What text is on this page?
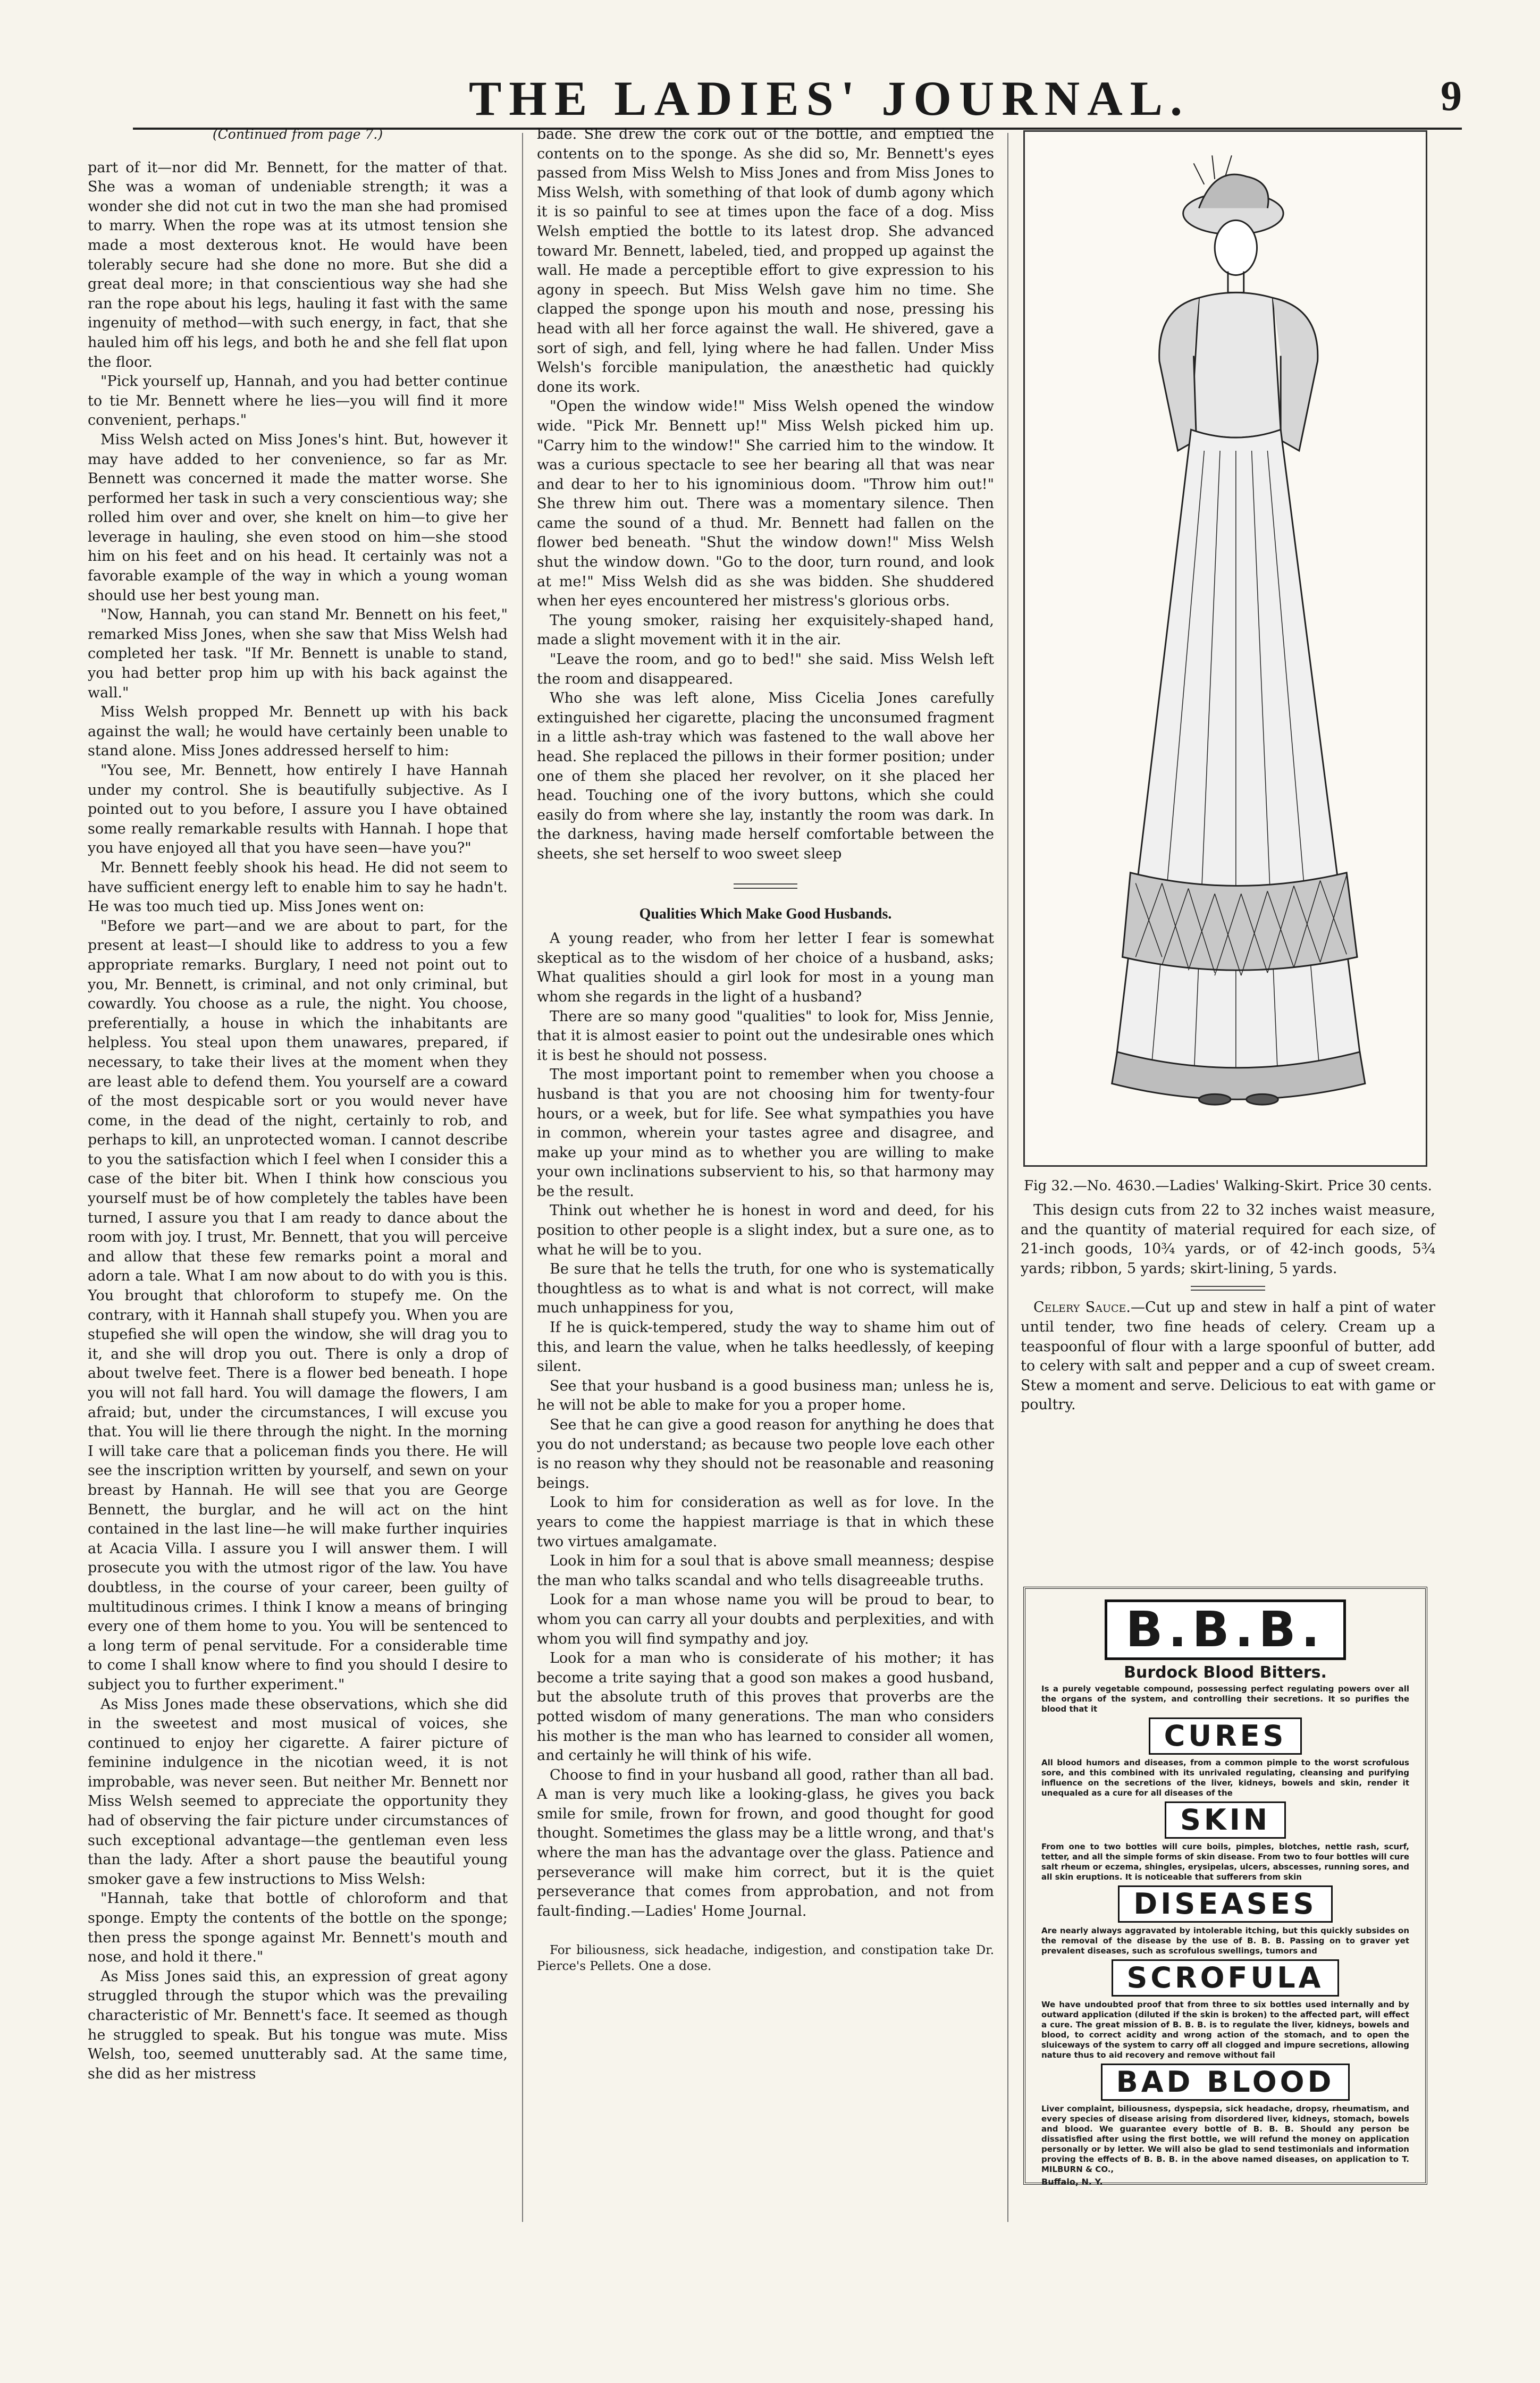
THE LADIES' JOURNAL.	9

(Continued from page 7.)

part of it—nor did Mr. Bennett, for the matter of that. She was a woman of undeniable strength; it was a wonder she did not cut in two the man she had promised to marry. When the rope was at its utmost tension she made a most dexterous knot. He would have been tolerably secure had she done no more. But she did a great deal more; in that conscientious way she had she ran the rope about his legs, hauling it fast with the same ingenuity of method—with such energy, in fact, that she hauled him off his legs, and both he and she fell flat upon the floor.

"Pick yourself up, Hannah, and you had better continue to tie Mr. Bennett where he lies—you will find it more convenient, perhaps."

Miss Welsh acted on Miss Jones's hint. But, however it may have added to her convenience, so far as Mr. Bennett was concerned it made the matter worse. She performed her task in such a very conscientious way; she rolled him over and over, she knelt on him—to give her leverage in hauling, she even stood on him—she stood him on his feet and on his head. It certainly was not a favorable example of the way in which a young woman should use her best young man.

"Now, Hannah, you can stand Mr. Bennett on his feet," remarked Miss Jones, when she saw that Miss Welsh had completed her task. "If Mr. Bennett is unable to stand, you had better prop him up with his back against the wall."

Miss Welsh propped Mr. Bennett up with his back against the wall; he would have certainly been unable to stand alone. Miss Jones addressed herself to him:

"You see, Mr. Bennett, how entirely I have Hannah under my control. She is beautifully subjective. As I pointed out to you before, I assure you I have obtained some really remarkable results with Hannah. I hope that you have enjoyed all that you have seen—have you?"

Mr. Bennett feebly shook his head. He did not seem to have sufficient energy left to enable him to say he hadn't. He was too much tied up. Miss Jones went on:

"Before we part—and we are about to part, for the present at least—I should like to address to you a few appropriate remarks. Burglary, I need not point out to you, Mr. Bennett, is criminal, and not only criminal, but cowardly. You choose as a rule, the night. You choose, preferentially, a house in which the inhabitants are helpless. You steal upon them unawares, prepared, if necessary, to take their lives at the moment when they are least able to defend them. You yourself are a coward of the most despicable sort or you would never have come, in the dead of the night, certainly to rob, and perhaps to kill, an unprotected woman. I cannot describe to you the satisfaction which I feel when I consider this a case of the biter bit. When I think how conscious you yourself must be of how completely the tables have been turned, I assure you that I am ready to dance about the room with joy. I trust, Mr. Bennett, that you will perceive and allow that these few remarks point a moral and adorn a tale. What I am now about to do with you is this. You brought that chloroform to stupefy me. On the contrary, with it Hannah shall stupefy you. When you are stupefied she will open the window, she will drag you to it, and she will drop you out. There is only a drop of about twelve feet. There is a flower bed beneath. I hope you will not fall hard. You will damage the flowers, I am afraid; but, under the circumstances, I will excuse you that. You will lie there through the night. In the morning I will take care that a policeman finds you there. He will see the inscription written by yourself, and sewn on your breast by Hannah. He will see that you are George Bennett, the burglar, and he will act on the hint contained in the last line—he will make further inquiries at Acacia Villa. I assure you I will answer them. I will prosecute you with the utmost rigor of the law. You have doubtless, in the course of your career, been guilty of multitudinous crimes. I think I know a means of bringing every one of them home to you. You will be sentenced to a long term of penal servitude. For a considerable time to come I shall know where to find you should I desire to subject you to further experiment."

As Miss Jones made these observations, which she did in the sweetest and most musical of voices, she continued to enjoy her cigarette. A fairer picture of feminine indulgence in the nicotian weed, it is not improbable, was never seen. But neither Mr. Bennett nor Miss Welsh seemed to appreciate the opportunity they had of observing the fair picture under circumstances of such exceptional advantage—the gentleman even less than the lady. After a short pause the beautiful young smoker gave a few instructions to Miss Welsh:

"Hannah, take that bottle of chloroform and that sponge. Empty the contents of the bottle on the sponge; then press the sponge against Mr. Bennett's mouth and nose, and hold it there."

As Miss Jones said this, an expression of great agony struggled through the stupor which was the prevailing characteristic of Mr. Bennett's face. It seemed as though he struggled to speak. But his tongue was mute. Miss Welsh, too, seemed unutterably sad. At the same time, she did as her mistress

bade. She drew the cork out of the bottle, and emptied the contents on to the sponge. As she did so, Mr. Bennett's eyes passed from Miss Welsh to Miss Jones and from Miss Jones to Miss Welsh, with something of that look of dumb agony which it is so painful to see at times upon the face of a dog. Miss Welsh emptied the bottle to its latest drop. She advanced toward Mr. Bennett, labeled, tied, and propped up against the wall. He made a perceptible effort to give expression to his agony in speech. But Miss Welsh gave him no time. She clapped the sponge upon his mouth and nose, pressing his head with all her force against the wall. He shivered, gave a sort of sigh, and fell, lying where he had fallen. Under Miss Welsh's forcible manipulation, the anæsthetic had quickly done its work.

"Open the window wide!" Miss Welsh opened the window wide. "Pick Mr. Bennett up!" Miss Welsh picked him up. "Carry him to the window!" She carried him to the window. It was a curious spectacle to see her bearing all that was near and dear to her to his ignominious doom. "Throw him out!" She threw him out. There was a momentary silence. Then came the sound of a thud. Mr. Bennett had fallen on the flower bed beneath. "Shut the window down!" Miss Welsh shut the window down. "Go to the door, turn round, and look at me!" Miss Welsh did as she was bidden. She shuddered when her eyes encountered her mistress's glorious orbs.

The young smoker, raising her exquisitely-shaped hand, made a slight movement with it in the air.

"Leave the room, and go to bed!" she said. Miss Welsh left the room and disappeared.

Who she was left alone, Miss Cicelia Jones carefully extinguished her cigarette, placing the unconsumed fragment in a little ash-tray which was fastened to the wall above her head. She replaced the pillows in their former position; under one of them she placed her revolver, on it she placed her head. Touching one of the ivory buttons, which she could easily do from where she lay, instantly the room was dark. In the darkness, having made herself comfortable between the sheets, she set herself to woo sweet sleep

Qualities Which Make Good Husbands.

A young reader, who from her letter I fear is somewhat skeptical as to the wisdom of her choice of a husband, asks; What qualities should a girl look for most in a young man whom she regards in the light of a husband?

There are so many good "qualities" to look for, Miss Jennie, that it is almost easier to point out the undesirable ones which it is best he should not possess.

The most important point to remember when you choose a husband is that you are not choosing him for twenty-four hours, or a week, but for life. See what sympathies you have in common, wherein your tastes agree and disagree, and make up your mind as to whether you are willing to make your own inclinations subservient to his, so that harmony may be the result.

Think out whether he is honest in word and deed, for his position to other people is a slight index, but a sure one, as to what he will be to you.

Be sure that he tells the truth, for one who is systematically thoughtless as to what is and what is not correct, will make much unhappiness for you,

If he is quick-tempered, study the way to shame him out of this, and learn the value, when he talks heedlessly, of keeping silent.

See that your husband is a good business man; unless he is, he will not be able to make for you a proper home.

See that he can give a good reason for anything he does that you do not understand; as because two people love each other is no reason why they should not be reasonable and reasoning beings.

Look to him for consideration as well as for love. In the years to come the happiest marriage is that in which these two virtues amalgamate.

Look in him for a soul that is above small meanness; despise the man who talks scandal and who tells disagreeable truths.

Look for a man whose name you will be proud to bear, to whom you can carry all your doubts and perplexities, and with whom you will find sympathy and joy.

Look for a man who is considerate of his mother; it has become a trite saying that a good son makes a good husband, but the absolute truth of this proves that proverbs are the potted wisdom of many generations. The man who considers his mother is the man who has learned to consider all women, and certainly he will think of his wife.

Choose to find in your husband all good, rather than all bad. A man is very much like a looking-glass, he gives you back smile for smile, frown for frown, and good thought for good thought. Sometimes the glass may be a little wrong, and that's where the man has the advantage over the glass. Patience and perseverance will make him correct, but it is the quiet perseverance that comes from approbation, and not from fault-finding.—Ladies' Home Journal.

For biliousness, sick headache, indigestion, and constipation take Dr. Pierce's Pellets. One a dose.

Fig 32.—No. 4630.—Ladies' Walking-Skirt. Price 30 cents.

This design cuts from 22 to 32 inches waist measure, and the quantity of material required for each size, of 21-inch goods, 10¾ yards, or of 42-inch goods, 5¾ yards; ribbon, 5 yards; skirt-lining, 5 yards.

Celery Sauce.—Cut up and stew in half a pint of water until tender, two fine heads of celery. Cream up a teaspoonful of flour with a large spoonful of butter, add to celery with salt and pepper and a cup of sweet cream. Stew a moment and serve. Delicious to eat with game or poultry.

B.B.B.
Burdock Blood Bitters.
Is a purely vegetable compound, possessing perfect regulating powers over all the organs of the system, and controlling their secretions. It so purifies the blood that it
CURES
All blood humors and diseases, from a common pimple to the worst scrofulous sore, and this combined with its unrivaled regulating, cleansing and purifying influence on the secretions of the liver, kidneys, bowels and skin, render it unequaled as a cure for all diseases of the
SKIN
From one to two bottles will cure boils, pimples, blotches, nettle rash, scurf, tetter, and all the simple forms of skin disease. From two to four bottles will cure salt rheum or eczema, shingles, erysipelas, ulcers, abscesses, running sores, and all skin eruptions. It is noticeable that sufferers from skin
DISEASES
Are nearly always aggravated by intolerable itching, but this quickly subsides on the removal of the disease by the use of B. B. B. Passing on to graver yet prevalent diseases, such as scrofulous swellings, tumors and
SCROFULA
We have undoubted proof that from three to six bottles used internally and by outward application (diluted if the skin is broken) to the affected part, will effect a cure. The great mission of B. B. B. is to regulate the liver, kidneys, bowels and blood, to correct acidity and wrong action of the stomach, and to open the sluiceways of the system to carry off all clogged and impure secretions, allowing nature thus to aid recovery and remove without fail
BAD BLOOD
Liver complaint, biliousness, dyspepsia, sick headache, dropsy, rheumatism, and every species of disease arising from disordered liver, kidneys, stomach, bowels and blood. We guarantee every bottle of B. B. B. Should any person be dissatisfied after using the first bottle, we will refund the money on application personally or by letter. We will also be glad to send testimonials and information proving the effects of B. B. B. in the above named diseases, on application to T. MILBURN & CO.,
Buffalo, N. Y.
